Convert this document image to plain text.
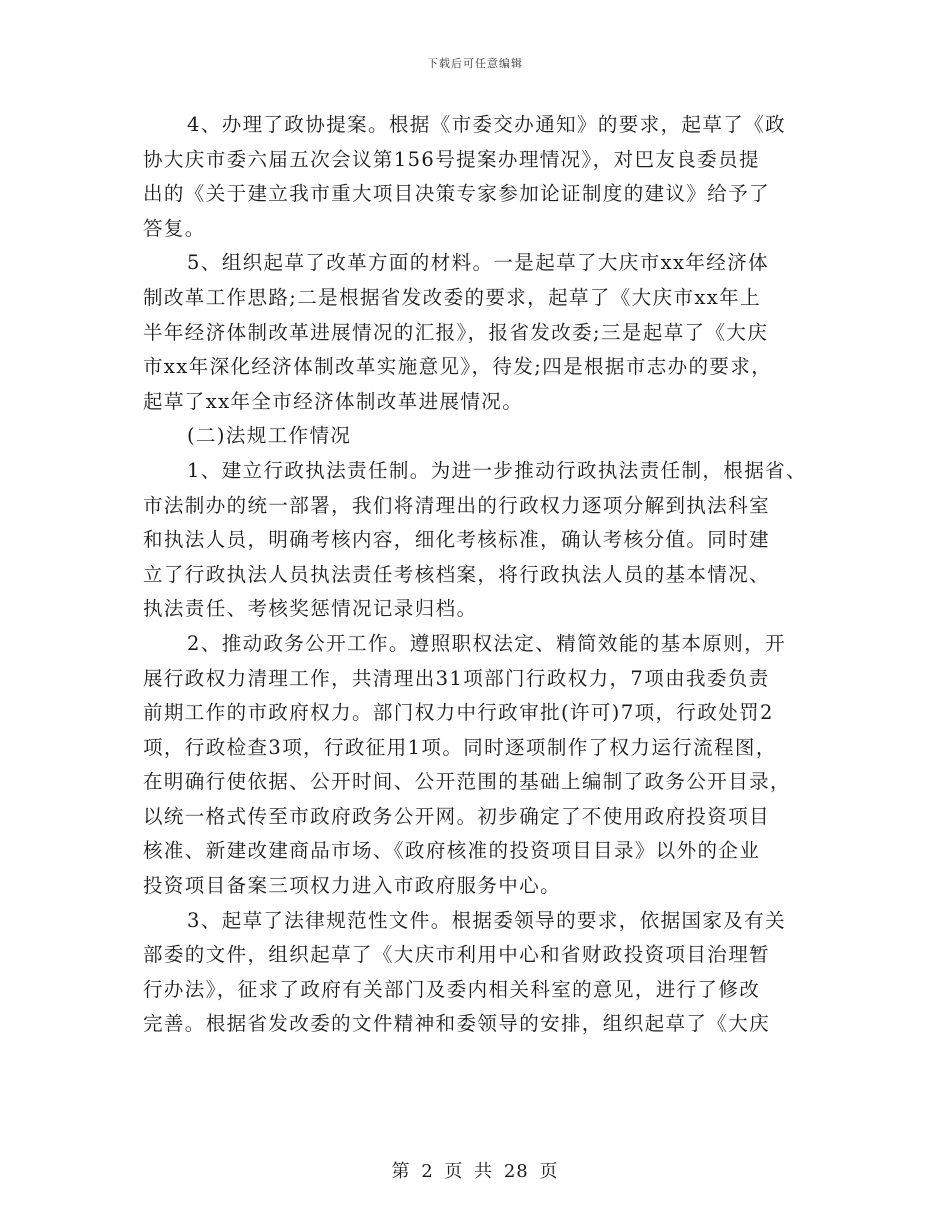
下载后可任意编辑
4、办理了政协提案。根据《市委交办通知》的要求，起草了《政
协大庆市委六届五次会议第156号提案办理情况》，对巴友良委员提
出的《关于建立我市重大项目决策专家参加论证制度的建议》给予了
答复。
5、组织起草了改革方面的材料。一是起草了大庆市xx年经济体
制改革工作思路;二是根据省发改委的要求，起草了《大庆市xx年上
半年经济体制改革进展情况的汇报》，报省发改委;三是起草了《大庆
市xx年深化经济体制改革实施意见》，待发;四是根据市志办的要求，
起草了xx年全市经济体制改革进展情况。
(二)法规工作情况
1、建立行政执法责任制。为进一步推动行政执法责任制，根据省、
市法制办的统一部署，我们将清理出的行政权力逐项分解到执法科室
和执法人员，明确考核内容，细化考核标准，确认考核分值。同时建
立了行政执法人员执法责任考核档案，将行政执法人员的基本情况、
执法责任、考核奖惩情况记录归档。
2、推动政务公开工作。遵照职权法定、精简效能的基本原则，开
展行政权力清理工作，共清理出31项部门行政权力，7项由我委负责
前期工作的市政府权力。部门权力中行政审批(许可)7项，行政处罚2
项，行政检查3项，行政征用1项。同时逐项制作了权力运行流程图，
在明确行使依据、公开时间、公开范围的基础上编制了政务公开目录，
以统一格式传至市政府政务公开网。初步确定了不使用政府投资项目
核准、新建改建商品市场、《政府核准的投资项目目录》以外的企业
投资项目备案三项权力进入市政府服务中心。
3、起草了法律规范性文件。根据委领导的要求，依据国家及有关
部委的文件，组织起草了《大庆市利用中心和省财政投资项目治理暂
行办法》，征求了政府有关部门及委内相关科室的意见，进行了修改
完善。根据省发改委的文件精神和委领导的安排，组织起草了《大庆
第 2 页 共 28 页
